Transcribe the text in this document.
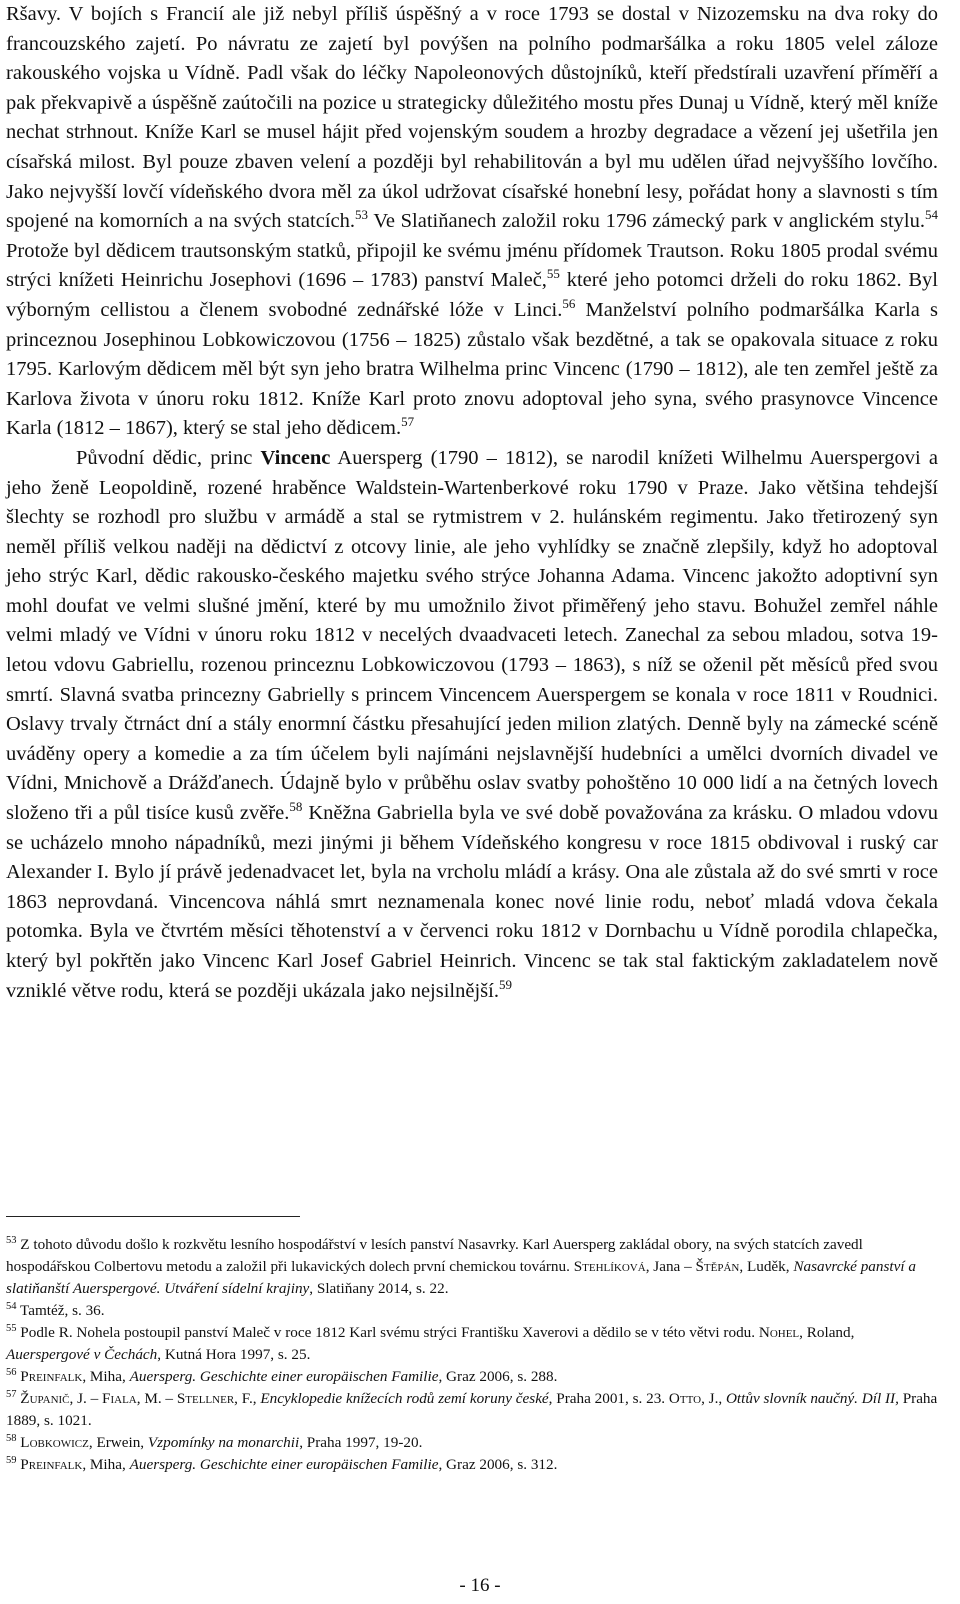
Ršavy. V bojích s Francií ale již nebyl příliš úspěšný a v roce 1793 se dostal v Nizozemsku na dva roky do francouzského zajetí. Po návratu ze zajetí byl povýšen na polního podmaršálka a roku 1805 velel záloze rakouského vojska u Vídně. Padl však do léčky Napoleonových důstojníků, kteří předstírali uzavření příměří a pak překvapivě a úspěšně zaútočili na pozice u strategicky důležitého mostu přes Dunaj u Vídně, který měl kníže nechat strhnout. Kníže Karl se musel hájit před vojenským soudem a hrozby degradace a vězení jej ušetřila jen císařská milost. Byl pouze zbaven velení a později byl rehabilitován a byl mu udělen úřad nejvyššího lovčího. Jako nejvyšší lovčí vídeňského dvora měl za úkol udržovat císařské honební lesy, pořádat hony a slavnosti s tím spojené na komorních a na svých statcích.$^{53}$ Ve Slatiňanech založil roku 1796 zámecký park v anglickém stylu.$^{54}$ Protože byl dědicem trautsonským statků, připojil ke svému jménu přídomek Trautson. Roku 1805 prodal svému strýci knížeti Heinrichu Josephovi (1696 – 1783) panství Maleč,$^{55}$ které jeho potomci drželi do roku 1862. Byl výborným cellistou a členem svobodné zednářské lóže v Linci.$^{56}$ Manželství polního podmaršálka Karla s princeznou Josephinou Lobkowiczovou (1756 – 1825) zůstalo však bezdětné, a tak se opakovala situace z roku 1795. Karlovým dědicem měl být syn jeho bratra Wilhelma princ Vincenc (1790 – 1812), ale ten zemřel ještě za Karlova života v únoru roku 1812. Kníže Karl proto znovu adoptoval jeho syna, svého prasynovce Vincence Karla (1812 – 1867), který se stal jeho dědicem.$^{57}$

Původní dědic, princ Vincenc Auersperg (1790 – 1812), se narodil knížeti Wilhelmu Auerspergovi a jeho ženě Leopoldině, rozené hraběnce Waldstein-Wartenberkové roku 1790 v Praze. Jako většina tehdejší šlechty se rozhodl pro službu v armádě a stal se rytmistrem v 2. hulánském regimentu. Jako třetirozený syn neměl příliš velkou naději na dědictví z otcovy linie, ale jeho vyhlídky se značně zlepšily, když ho adoptoval jeho strýc Karl, dědic rakousko-českého majetku svého strýce Johanna Adama. Vincenc jakožto adoptivní syn mohl doufat ve velmi slušné jmění, které by mu umožnilo život přiměřený jeho stavu. Bohužel zemřel náhle velmi mladý ve Vídni v únoru roku 1812 v necelých dvaadvaceti letech. Zanechal za sebou mladou, sotva 19-letou vdovu Gabriellu, rozenou princeznu Lobkowiczovou (1793 – 1863), s níž se oženil pět měsíců před svou smrtí. Slavná svatba princezny Gabrielly s princem Vincencem Auerspergem se konala v roce 1811 v Roudnici. Oslavy trvaly čtrnáct dní a stály enormní částku přesahující jeden milion zlatých. Denně byly na zámecké scéně uváděny opery a komedie a za tím účelem byli najímáni nejslavnější hudebníci a umělci dvorních divadel ve Vídni, Mnichově a Drážďanech. Údajně bylo v průběhu oslav svatby pohoštěno 10 000 lidí a na četných lovech složeno tři a půl tisíce kusů zvěře.$^{58}$ Kněžna Gabriella byla ve své době považována za krásku. O mladou vdovu se ucházelo mnoho nápadníků, mezi jinými ji během Vídeňského kongresu v roce 1815 obdivoval i ruský car Alexander I. Bylo jí právě jedenadvacet let, byla na vrcholu mládí a krásy. Ona ale zůstala až do své smrti v roce 1863 neprovdaná. Vincencova náhlá smrt neznamenala konec nové linie rodu, neboť mladá vdova čekala potomka. Byla ve čtvrtém měsíci těhotenství a v červenci roku 1812 v Dornbachu u Vídně porodila chlapečka, který byl pokřtěn jako Vincenc Karl Josef Gabriel Heinrich. Vincenc se tak stal faktickým zakladatelem nově vzniklé větve rodu, která se později ukázala jako nejsilnější.$^{59}$

$^{53}$ Z tohoto důvodu došlo k rozkvětu lesního hospodářství v lesích panství Nasavrky. Karl Auersperg zakládal obory, na svých statcích zavedl hospodářskou Colbertovu metodu a založil při lukavických dolech první chemickou továrnu. Stehlíková, Jana – Štěpán, Luděk, Nasavrcké panství a slatiňanští Auerspergové. Utváření sídelní krajiny, Slatiňany 2014, s. 22.

$^{54}$ Tamtéž, s. 36.

$^{55}$ Podle R. Nohela postoupil panství Maleč v roce 1812 Karl svému strýci Františku Xaverovi a dědilo se v této větvi rodu. Nohel, Roland, Auerspergové v Čechách, Kutná Hora 1997, s. 25.

$^{56}$ Preinfalk, Miha, Auersperg. Geschichte einer europäischen Familie, Graz 2006, s. 288.

$^{57}$ Županič, J. – Fiala, M. – Stellner, F., Encyklopedie knížecích rodů zemí koruny české, Praha 2001, s. 23. Otto, J., Ottův slovník naučný. Díl II, Praha 1889, s. 1021.

$^{58}$ Lobkowicz, Erwein, Vzpomínky na monarchii, Praha 1997, 19-20.

$^{59}$ Preinfalk, Miha, Auersperg. Geschichte einer europäischen Familie, Graz 2006, s. 312.

- 16 -
